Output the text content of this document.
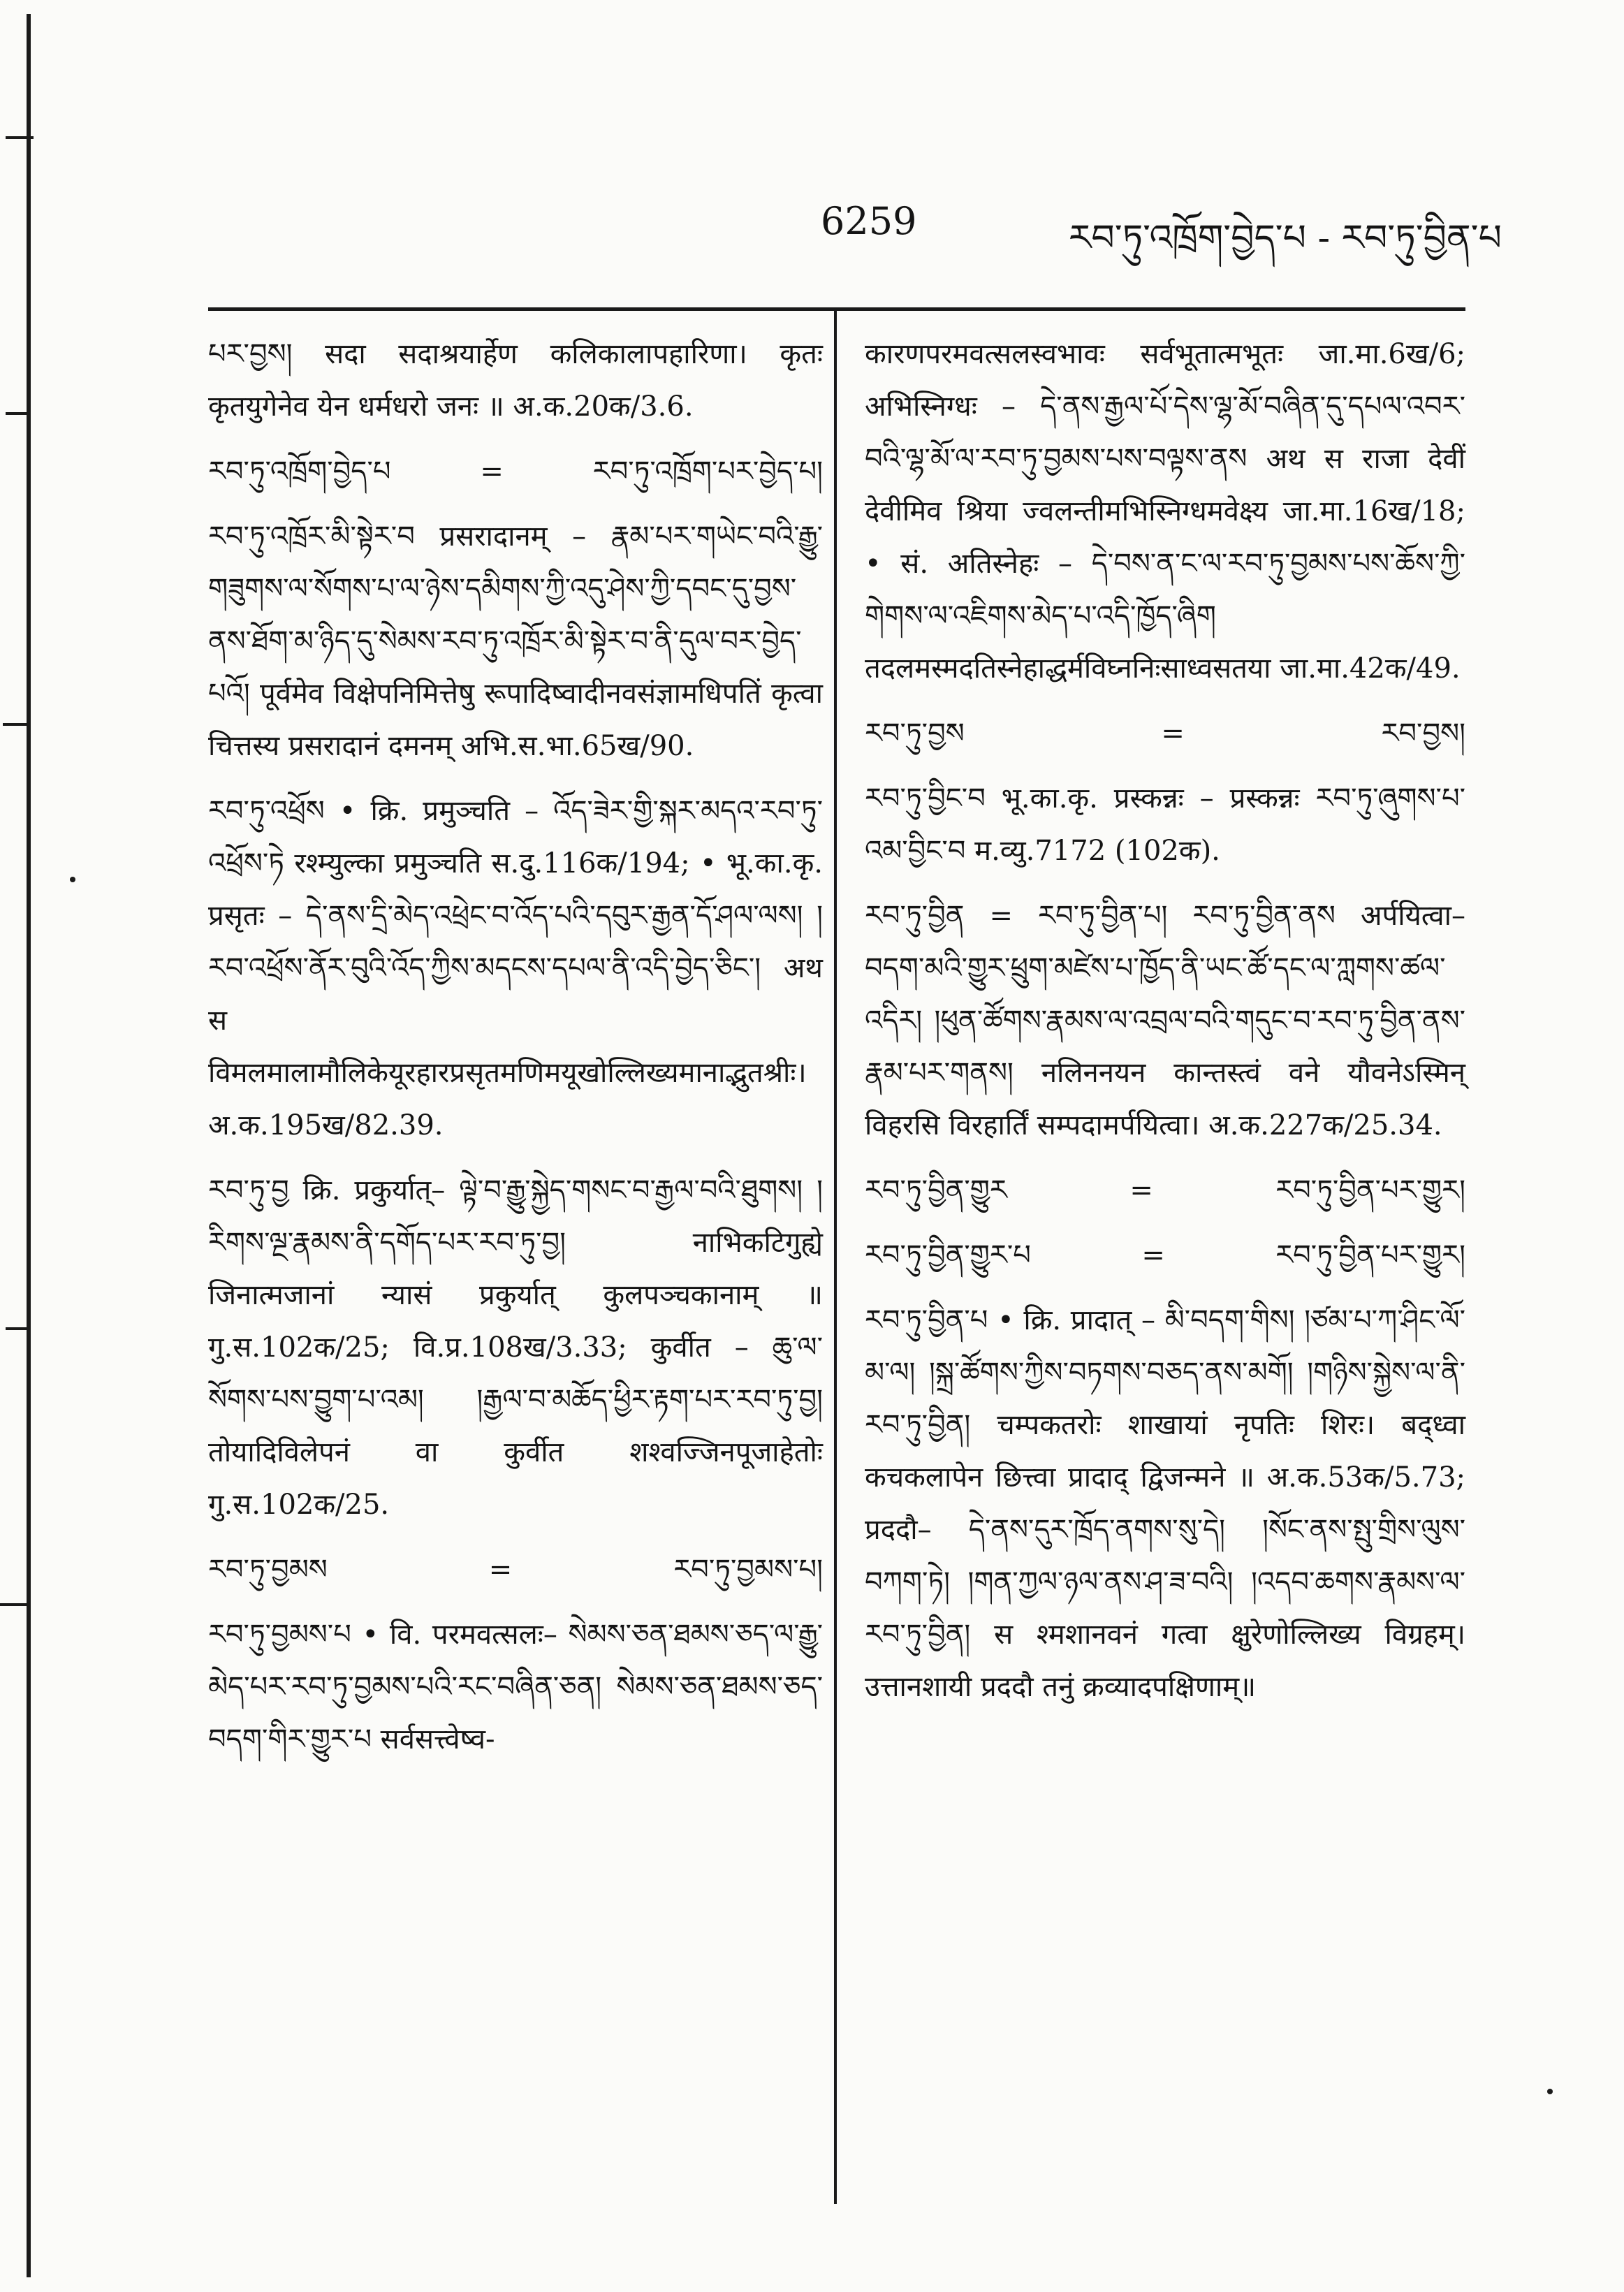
6259	རབ་ཏུ་འཁྲོག་བྱེད་པ - རབ་ཏུ་བྱིན་པ

པར་བྱས། सदा सदाश्रयार्हेण कलिकालापहारिणा। कृतः कृतयुगेनेव येन धर्मधरो जनः ॥ अ.क.20क/3.6.

རབ་ཏུ་འཁྲོག་བྱེད་པ	=	རབ་ཏུ་འཁྲོག་པར་བྱེད་པ།

རབ་ཏུ་འཁྲོར་མི་སྟེར་བ प्रसरादानम् – རྣམ་པར་གཡེང་བའི་རྒྱུ་གཟུགས་ལ་སོགས་པ་ལ་ཉེས་དམིགས་ཀྱི་འདུ་ཤེས་ཀྱི་དབང་དུ་བྱས་ནས་ཐོག་མ་ཉིད་དུ་སེམས་རབ་ཏུ་འཁྲོར་མི་སྟེར་བ་ནི་དུལ་བར་བྱེད་པའོ། पूर्वमेव विक्षेपनिमित्तेषु रूपादिष्वादीनवसंज्ञामधिपतिं कृत्वा चित्तस्य प्रसरादानं दमनम् अभि.स.भा.65ख/90.

རབ་ཏུ་འཕྲོས • क्रि. प्रमुञ्चति – འོད་ཟེར་གྱི་སྐར་མདའ་རབ་ཏུ་འཕྲོས་ཏེ रश्म्युल्का प्रमुञ्चति स.दु.116क/194; • भू.का.कृ. प्रसृतः – དེ་ནས་དྲི་མེད་འཕྲེང་བ་འོད་པའི་དབུར་རྒྱན་དོ་ཤལ་ལས། །རབ་འཕྲོས་ནོར་བུའི་འོད་ཀྱིས་མདངས་དཔལ་ནི་འདི་བྱེད་ཅིང་། अथ स विमलमालामौलिकेयूरहारप्रसृतमणिमयूखोल्लिख्यमानाद्भुतश्रीः। अ.क.195ख/82.39.

རབ་ཏུ་བྱ क्रि. प्रकुर्यात्– ལྟེ་བ་རྒྱུ་སྐྱེད་གསང་བ་རྒྱལ་བའི་ཐུགས། །རིགས་ལྔ་རྣམས་ནི་དགོད་པར་རབ་ཏུ་བྱ། नाभिकटिगुह्ये जिनात्मजानां न्यासं प्रकुर्यात् कुलपञ्चकानाम् ॥ गु.स.102क/25; वि.प्र.108ख/3.33; कुर्वीत – ཆུ་ལ་སོགས་པས་བྱུག་པ་འམ། །རྒྱལ་བ་མཆོད་ཕྱིར་རྟག་པར་རབ་ཏུ་བྱ། तोयादिविलेपनं वा कुर्वीत शश्वज्जिनपूजाहेतोः गु.स.102क/25.

རབ་ཏུ་བྱམས	=	རབ་ཏུ་བྱམས་པ།

རབ་ཏུ་བྱམས་པ • वि. परमवत्सलः– སེམས་ཅན་ཐམས་ཅད་ལ་རྒྱུ་མེད་པར་རབ་ཏུ་བྱམས་པའི་རང་བཞིན་ཅན། སེམས་ཅན་ཐམས་ཅད་བདག་གིར་གྱུར་པ सर्वसत्त्वेष्व-

कारणपरमवत्सलस्वभावः सर्वभूतात्मभूतः जा.मा.6ख/6; अभिस्निग्धः – དེ་ནས་རྒྱལ་པོ་དེས་ལྷ་མོ་བཞིན་དུ་དཔལ་འབར་བའི་ལྷ་མོ་ལ་རབ་ཏུ་བྱམས་པས་བལྟས་ནས अथ स राजा देवीं देवीमिव श्रिया ज्वलन्तीमभिस्निग्धमवेक्ष्य जा.मा.16ख/18; • सं. अतिस्नेहः – དེ་བས་ན་ང་ལ་རབ་ཏུ་བྱམས་པས་ཆོས་ཀྱི་གེགས་ལ་འཇིགས་མེད་པ་འདི་ཁྱོད་ཞིག तदलमस्मदतिस्नेहाद्धर्मविघ्ननिःसाध्वसतया जा.मा.42क/49.

རབ་ཏུ་བྱས	=	རབ་བྱས།

རབ་ཏུ་བྱིང་བ भू.का.कृ. प्रस्कन्नः – प्रस्कन्नः རབ་ཏུ་ཞུགས་པ་འམ་བྱིང་བ म.व्यु.7172 (102क).

རབ་ཏུ་བྱིན = རབ་ཏུ་བྱིན་པ། རབ་ཏུ་བྱིན་ནས अर्पयित्वा– བདག་མའི་གྱུར་ཕྲུག་མཛེས་པ་ཁྱོད་ནི་ཡང་ཚོ་དང་ལ་ཀླགས་ཚལ་འདིར། །ཕུན་ཚོགས་རྣམས་ལ་འབྲལ་བའི་གདུང་བ་རབ་ཏུ་བྱིན་ནས་རྣམ་པར་གནས། नलिननयन कान्तस्त्वं वने यौवनेऽस्मिन् विहरसि विरहार्तिं सम्पदामर्पयित्वा। अ.क.227क/25.34.

རབ་ཏུ་བྱིན་གྱུར	=	རབ་ཏུ་བྱིན་པར་གྱུར།

རབ་ཏུ་བྱིན་གྱུར་པ	=	རབ་ཏུ་བྱིན་པར་གྱུར།

རབ་ཏུ་བྱིན་པ • क्रि. प्रादात् – མི་བདག་གིས། །ཙམ་པ་ཀ་ཤིང་ལོ་མ་ལ། །སྐྲ་ཚོགས་ཀྱིས་བཏགས་བཅད་ནས་མགོ། །གཉིས་སྐྱེས་ལ་ནི་རབ་ཏུ་བྱིན། चम्पकतरोः शाखायां नृपतिः शिरः। बद्ध्वा कचकलापेन छित्त्वा प्रादाद् द्विजन्मने ॥ अ.क.53क/5.73; प्रददौ– དེ་ནས་དུར་ཁྲོད་ནགས་སུ་དེ། །སོང་ནས་སྤུ་གྲིས་ལུས་བཀག་ཏེ། །གན་ཀྱལ་ཉལ་ནས་ཤ་ཟ་བའི། །འདབ་ཆགས་རྣམས་ལ་རབ་ཏུ་བྱིན། स श्मशानवनं गत्वा क्षुरेणोल्लिख्य विग्रहम्। उत्तानशायी प्रददौ तनुं क्रव्यादपक्षिणाम्॥
